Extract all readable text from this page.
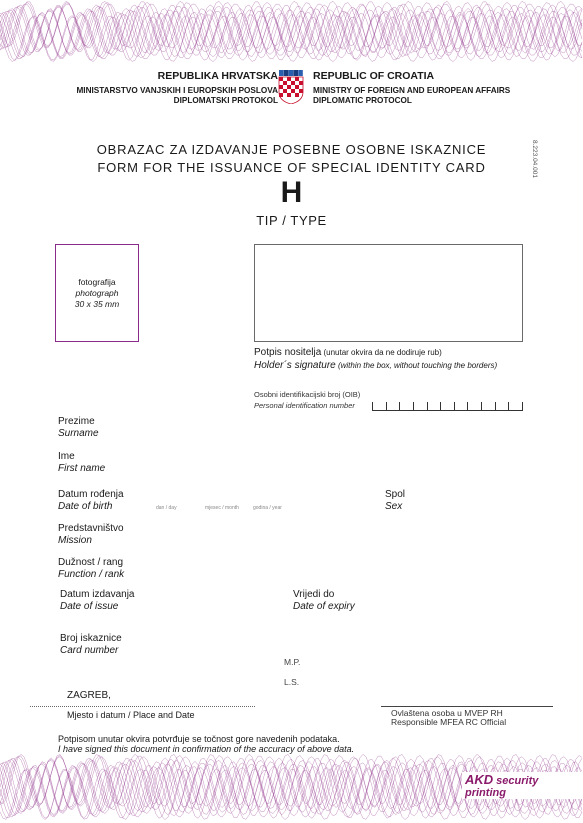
REPUBLIKA HRVATSKA
MINISTARSTVO VANJSKIH I EUROPSKIH POSLOVA
DIPLOMATSKI PROTOKOL
REPUBLIC OF CROATIA
MINISTRY OF FOREIGN AND EUROPEAN AFFAIRS
DIPLOMATIC PROTOCOL
OBRAZAC ZA IZDAVANJE POSEBNE OSOBNE ISKAZNICE
FORM FOR THE ISSUANCE OF SPECIAL IDENTITY CARD
H
TIP / TYPE
8.223.04.001
fotografija
photograph
30 x 35 mm
Potpis nositelja (unutar okvira da ne dodiruje rub)
Holder´s signature (within the box, without touching the borders)
Osobni identifikacijski broj (OIB)
Personal identification number
Prezime
Surname
Ime
First name
Datum rođenja
Date of birth	dan / day	mjesec / month	godina / year
Spol
Sex
Predstavništvo
Mission
Dužnost / rang
Function / rank
Datum izdavanja
Date of issue
Vrijedi do
Date of expiry
Broj iskaznice
Card number
M.P.
L.S.
ZAGREB,
Mjesto i datum / Place and Date	Ovlaštena osoba u MVEP RH
Responsible MFEA RC Official
Potpisom unutar okvira potvrđuje se točnost gore navedenih podataka.
I have signed this document in confirmation of the accuracy of above data.
AKD security printing
